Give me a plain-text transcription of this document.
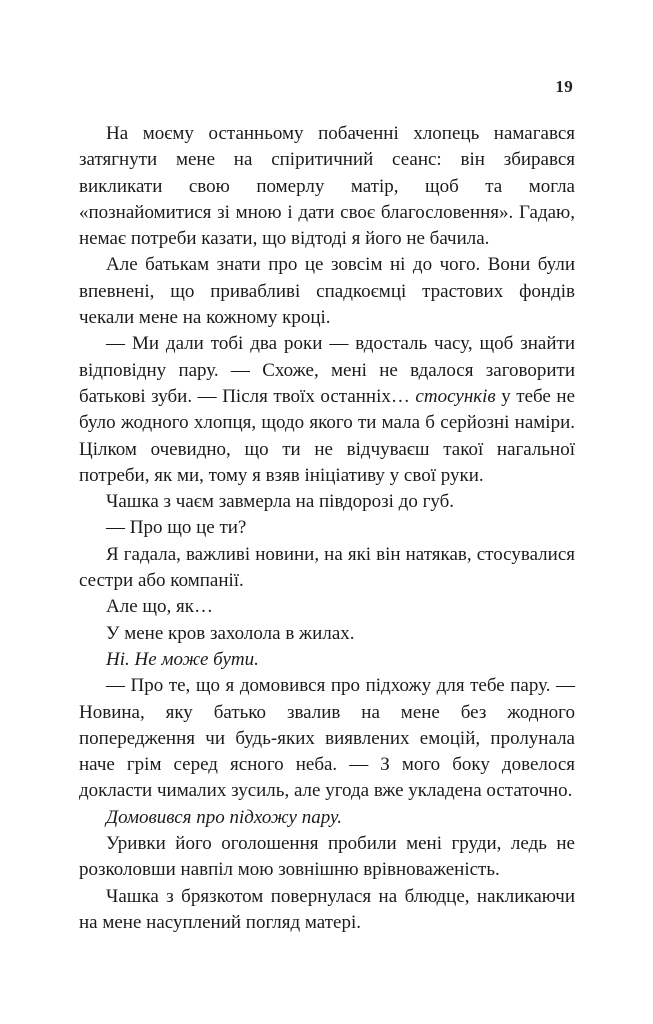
19

На моєму останньому побаченні хлопець намагався затягнути мене на спіритичний сеанс: він збирався викликати свою померлу матір, щоб та могла «познайомитися зі мною і дати своє благословення». Гадаю, немає потреби казати, що відтоді я його не бачила.

Але батькам знати про це зовсім ні до чого. Вони були впевнені, що привабливі спадкоємці трастових фондів чекали мене на кожному кроці.

— Ми дали тобі два роки — вдосталь часу, щоб знайти відповідну пару. — Схоже, мені не вдалося заговорити батькові зуби. — Після твоїх останніх… стосунків у тебе не було жодного хлопця, щодо якого ти мала б серйозні наміри. Цілком очевидно, що ти не відчуваєш такої нагальної потреби, як ми, тому я взяв ініціативу у свої руки.

Чашка з чаєм завмерла на півдорозі до губ.

— Про що це ти?

Я гадала, важливі новини, на які він натякав, стосувалися сестри або компанії.

Але що, як…

У мене кров захолола в жилах.

Ні. Не може бути.

— Про те, що я домовився про підхожу для тебе пару. — Новина, яку батько звалив на мене без жодного попередження чи будь-яких виявлених емоцій, пролунала наче грім серед ясного неба. — З мого боку довелося докласти чималих зусиль, але угода вже укладена остаточно.

Домовився про підхожу пару.

Уривки його оголошення пробили мені груди, ледь не розколовши навпіл мою зовнішню врівноваженість.

Чашка з брязкотом повернулася на блюдце, накликаючи на мене насуплений погляд матері.
